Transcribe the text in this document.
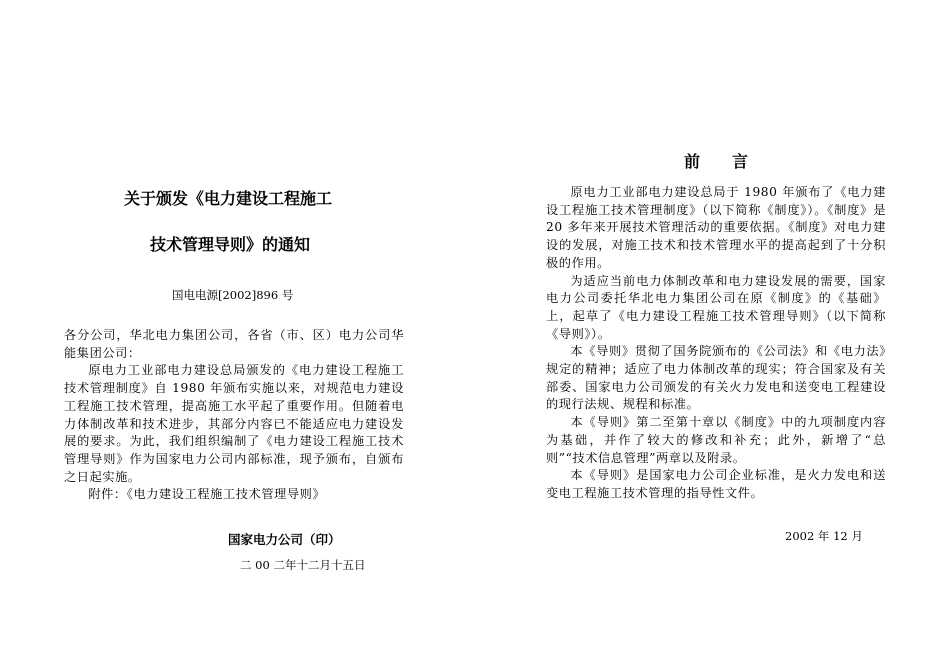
关于颁发《电力建设工程施工
技术管理导则》的通知
国电电源[2002]896 号

各分公司，华北电力集团公司，各省（市、区）电力公司华能集团公司：

原电力工业部电力建设总局颁发的《电力建设工程施工技术管理制度》自 1980 年颁布实施以来，对规范电力建设工程施工技术管理，提高施工水平起了重要作用。但随着电力体制改革和技术进步，其部分内容已不能适应电力建设发展的要求。为此，我们组织编制了《电力建设工程施工技术管理导则》作为国家电力公司内部标准，现予颁布，自颁布之日起实施。

附件：《电力建设工程施工技术管理导则》

国家电力公司（印）
二 00 二年十二月十五日
前　　言

原电力工业部电力建设总局于 1980 年颁布了《电力建设工程施工技术管理制度》（以下简称《制度》）。《制度》是 20 多年来开展技术管理活动的重要依据。《制度》对电力建设的发展，对施工技术和技术管理水平的提高起到了十分积极的作用。

为适应当前电力体制改革和电力建设发展的需要，国家电力公司委托华北电力集团公司在原《制度》的《基础》上，起草了《电力建设工程施工技术管理导则》（以下简称《导则》）。

本《导则》贯彻了国务院颁布的《公司法》和《电力法》规定的精神；适应了电力体制改革的现实；符合国家及有关部委、国家电力公司颁发的有关火力发电和送变电工程建设的现行法规、规程和标准。

本《导则》第二至第十章以《制度》中的九项制度内容为基础，并作了较大的修改和补充；此外，新增了“总则”“技术信息管理”两章以及附录。

本《导则》是国家电力公司企业标准，是火力发电和送变电工程施工技术管理的指导性文件。

2002 年 12 月
